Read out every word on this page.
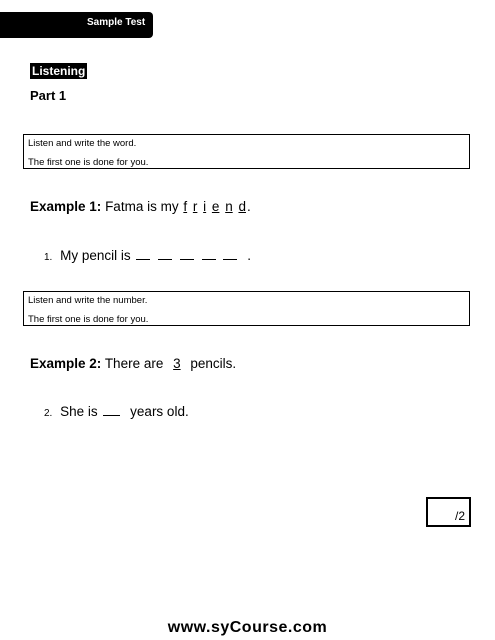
Sample Test
Listening
Part 1
Listen and write the word.
The first one is done for you.
Example 1: Fatma is my f r i e n d.
1. My pencil is	.
Listen and write the number.
The first one is done for you.
Example 2: There are 3 pencils.
2. She is years old.
/2
www.syCourse.com
